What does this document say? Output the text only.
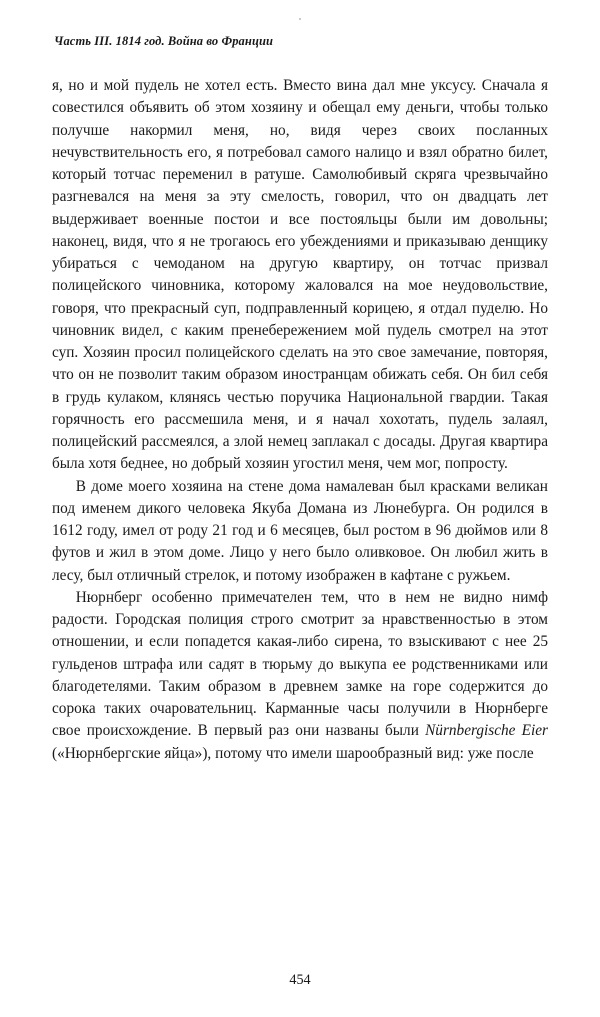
Часть III. 1814 год. Война во Франции

я, но и мой пудель не хотел есть. Вместо вина дал мне уксусу. Сначала я совестился объявить об этом хозяину и обещал ему деньги, чтобы только получше накормил меня, но, видя через своих посланных нечувствительность его, я потребовал самого налицо и взял обратно билет, который тотчас переменил в ратуше. Самолюбивый скряга чрезвычайно разгневался на меня за эту смелость, говорил, что он двадцать лет выдерживает военные постои и все постояльцы были им довольны; наконец, видя, что я не трогаюсь его убеждениями и приказываю денщику убираться с чемоданом на другую квартиру, он тотчас призвал полицейского чиновника, которому жаловался на мое неудовольствие, говоря, что прекрасный суп, подправленный корицею, я отдал пуделю. Но чиновник видел, с каким пренебережением мой пудель смотрел на этот суп. Хозяин просил полицейского сделать на это свое замечание, повторяя, что он не позволит таким образом иностранцам обижать себя. Он бил себя в грудь кулаком, клянясь честью поручика Национальной гвардии. Такая горячность его рассмешила меня, и я начал хохотать, пудель залаял, полицейский рассмеялся, а злой немец заплакал с досады. Другая квартира была хотя беднее, но добрый хозяин угостил меня, чем мог, попросту.

В доме моего хозяина на стене дома намалеван был красками великан под именем дикого человека Якуба Домана из Люнебурга. Он родился в 1612 году, имел от роду 21 год и 6 месяцев, был ростом в 96 дюймов или 8 футов и жил в этом доме. Лицо у него было оливковое. Он любил жить в лесу, был отличный стрелок, и потому изображен в кафтане с ружьем.

Нюрнберг особенно примечателен тем, что в нем не видно нимф радости. Городская полиция строго смотрит за нравственностью в этом отношении, и если попадется какая-либо сирена, то взыскивают с нее 25 гульденов штрафа или садят в тюрьму до выкупа ее родственниками или благодетелями. Таким образом в древнем замке на горе содержится до сорока таких очаровательниц. Карманные часы получили в Нюрнберге свое происхождение. В первый раз они названы были Nürnbergische Eier («Нюрнбергские яйца»), потому что имели шарообразный вид: уже после

454
